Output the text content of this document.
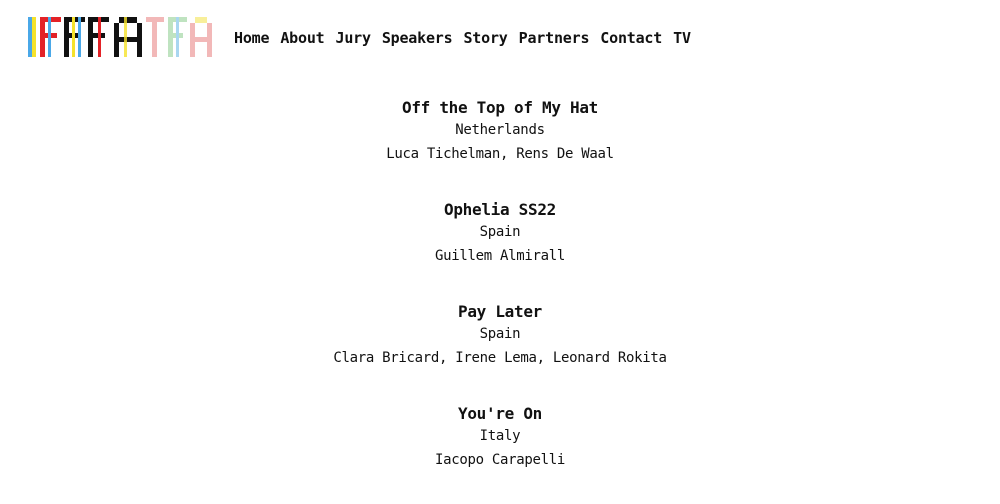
Home About Jury Speakers Story Partners Contact TV
Off the Top of My Hat
Netherlands
Luca Tichelman, Rens De Waal
Ophelia SS22
Spain
Guillem Almirall
Pay Later
Spain
Clara Bricard, Irene Lema, Leonard Rokita
You're On
Italy
Iacopo Carapelli
